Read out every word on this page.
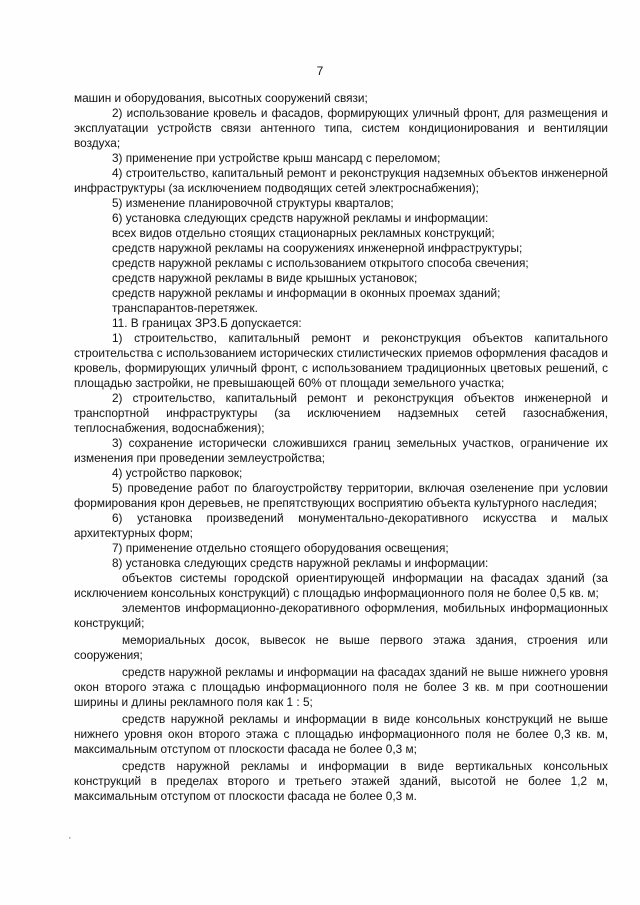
7

машин и оборудования, высотных сооружений связи;

2) использование кровель и фасадов, формирующих уличный фронт, для размещения и эксплуатации устройств связи антенного типа, систем кондиционирования и вентиляции воздуха;

3) применение при устройстве крыш мансард с переломом;

4) строительство, капитальный ремонт и реконструкция надземных объектов инженерной инфраструктуры (за исключением подводящих сетей электроснабжения);

5) изменение планировочной структуры кварталов;

6) установка следующих средств наружной рекламы и информации:

всех видов отдельно стоящих стационарных рекламных конструкций;

средств наружной рекламы на сооружениях инженерной инфраструктуры;

средств наружной рекламы с использованием открытого способа свечения;

средств наружной рекламы в виде крышных установок;

средств наружной рекламы и информации в оконных проемах зданий;

транспарантов-перетяжек.

11. В границах ЗРЗ.Б допускается:

1) строительство, капитальный ремонт и реконструкция объектов капитального строительства с использованием исторических стилистических приемов оформления фасадов и кровель, формирующих уличный фронт, с использованием традиционных цветовых решений, с площадью застройки, не превышающей 60% от площади земельного участка;

2) строительство, капитальный ремонт и реконструкция объектов инженерной и транспортной инфраструктуры (за исключением надземных сетей газоснабжения, теплоснабжения, водоснабжения);

3) сохранение исторически сложившихся границ земельных участков, ограничение их изменения при проведении землеустройства;

4) устройство парковок;

5) проведение работ по благоустройству территории, включая озеленение при условии формирования крон деревьев, не препятствующих восприятию объекта культурного наследия;

6) установка произведений монументально-декоративного искусства и малых архитектурных форм;

7) применение отдельно стоящего оборудования освещения;

8) установка следующих средств наружной рекламы и информации:

объектов системы городской ориентирующей информации на фасадах зданий (за исключением консольных конструкций) с площадью информационного поля не более 0,5 кв. м;

элементов информационно-декоративного оформления, мобильных информационных конструкций;

мемориальных досок, вывесок не выше первого этажа здания, строения или сооружения;

средств наружной рекламы и информации на фасадах зданий не выше нижнего уровня окон второго этажа с площадью информационного поля не более 3 кв. м при соотношении ширины и длины рекламного поля как 1 : 5;

средств наружной рекламы и информации в виде консольных конструкций не выше нижнего уровня окон второго этажа с площадью информационного поля не более 0,3 кв. м, максимальным отступом от плоскости фасада не более 0,3 м;

средств наружной рекламы и информации в виде вертикальных консольных конструкций в пределах второго и третьего этажей зданий, высотой не более 1,2 м, максимальным отступом от плоскости фасада не более 0,3 м.

·
